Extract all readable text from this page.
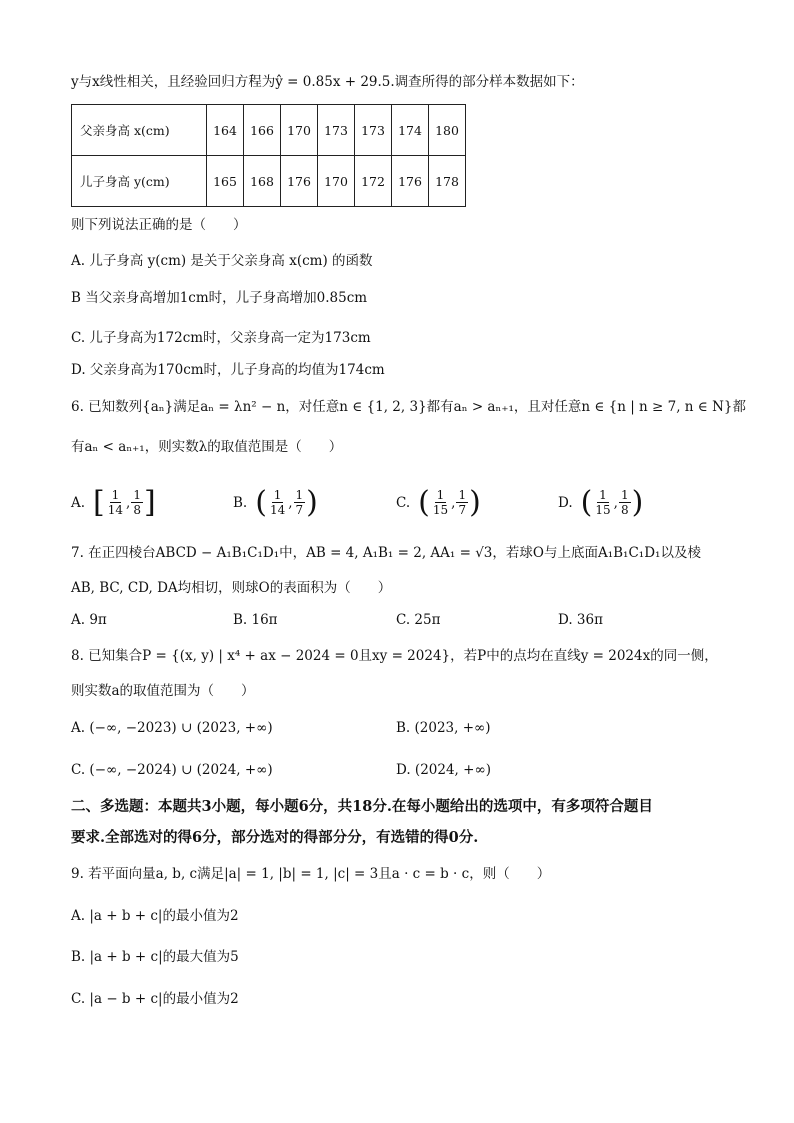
y与x线性相关，且经验回归方程为ŷ = 0.85x + 29.5.调查所得的部分样本数据如下：
父亲身高 x(cm)	164	166	170	173	173	174	180
儿子身高 y(cm)	165	168	176	170	172	176	178
则下列说法正确的是（　　）
A. 儿子身高 y(cm) 是关于父亲身高 x(cm) 的函数
B 当父亲身高增加1cm时，儿子身高增加0.85cm
C. 儿子身高为172cm时，父亲身高一定为173cm
D. 父亲身高为170cm时，儿子身高的均值为174cm
6. 已知数列{aₙ}满足aₙ = λn² − n，对任意n ∈ {1, 2, 3}都有aₙ > aₙ₊₁，且对任意n ∈ {n | n ≥ 7, n ∈ N}都
有aₙ < aₙ₊₁，则实数λ的取值范围是（　　）
A. [ $\frac{1}{14}$ , $\frac{1}{8}$ ]	B. ( $\frac{1}{14}$ , $\frac{1}{7}$ )	C. ( $\frac{1}{15}$ , $\frac{1}{7}$ )	D. ( $\frac{1}{15}$ , $\frac{1}{8}$ )
7. 在正四棱台ABCD − A₁B₁C₁D₁中，AB = 4, A₁B₁ = 2, AA₁ = √3，若球O与上底面A₁B₁C₁D₁以及棱
AB, BC, CD, DA均相切，则球O的表面积为（　　）
A. 9π	B. 16π	C. 25π	D. 36π
8. 已知集合P = {(x, y) | x⁴ + ax − 2024 = 0且xy = 2024}，若P中的点均在直线y = 2024x的同一侧，
则实数a的取值范围为（　　）
A. (−∞, −2023) ∪ (2023, +∞)	B. (2023, +∞)
C. (−∞, −2024) ∪ (2024, +∞)	D. (2024, +∞)
二、多选题：本题共3小题，每小题6分，共18分.在每小题给出的选项中，有多项符合题目
要求.全部选对的得6分，部分选对的得部分分，有选错的得0分.
9. 若平面向量a, b, c满足|a| = 1, |b| = 1, |c| = 3且a · c = b · c，则（　　）
A. |a + b + c|的最小值为2
B. |a + b + c|的最大值为5
C. |a − b + c|的最小值为2
